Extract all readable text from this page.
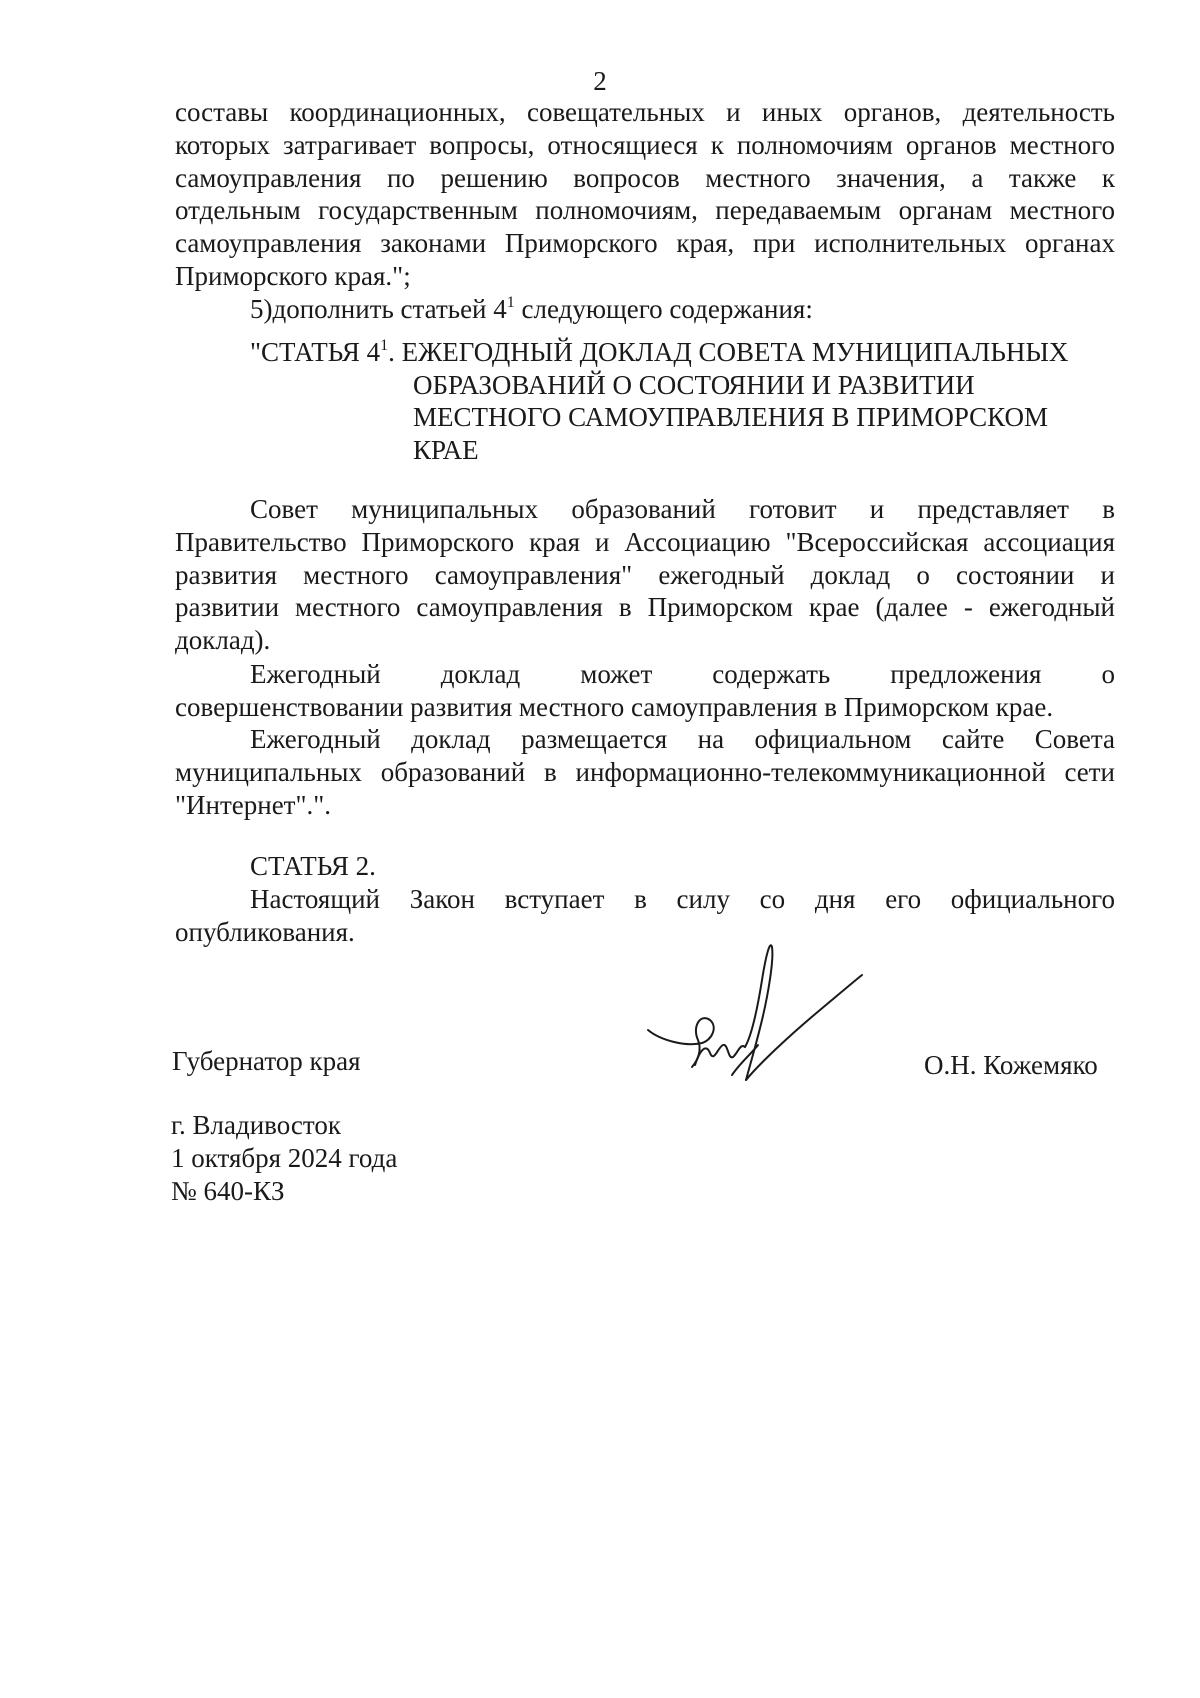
2
составы координационных, совещательных и иных органов, деятельность
которых затрагивает вопросы, относящиеся к полномочиям органов местного
самоуправления по решению вопросов местного значения, а также к
отдельным государственным полномочиям, передаваемым органам местного
самоуправления законами Приморского края, при исполнительных органах
Приморского края.";
5)дополнить статьей $4^1$ следующего содержания:
"СТАТЬЯ $4^1$. ЕЖЕГОДНЫЙ ДОКЛАД СОВЕТА МУНИЦИПАЛЬНЫХ
ОБРАЗОВАНИЙ О СОСТОЯНИИ И РАЗВИТИИ
МЕСТНОГО САМОУПРАВЛЕНИЯ В ПРИМОРСКОМ
КРАЕ
Совет муниципальных образований готовит и представляет в
Правительство Приморского края и Ассоциацию "Всероссийская ассоциация
развития местного самоуправления" ежегодный доклад о состоянии и
развитии местного самоуправления в Приморском крае (далее - ежегодный
доклад).
Ежегодный доклад может содержать предложения о
совершенствовании развития местного самоуправления в Приморском крае.
Ежегодный доклад размещается на официальном сайте Совета
муниципальных образований в информационно-телекоммуникационной сети
"Интернет".".
СТАТЬЯ 2.
Настоящий Закон вступает в силу со дня его официального
опубликования.
Губернатор края	О.Н. Кожемяко
г. Владивосток
1 октября 2024 года
№ 640-КЗ
